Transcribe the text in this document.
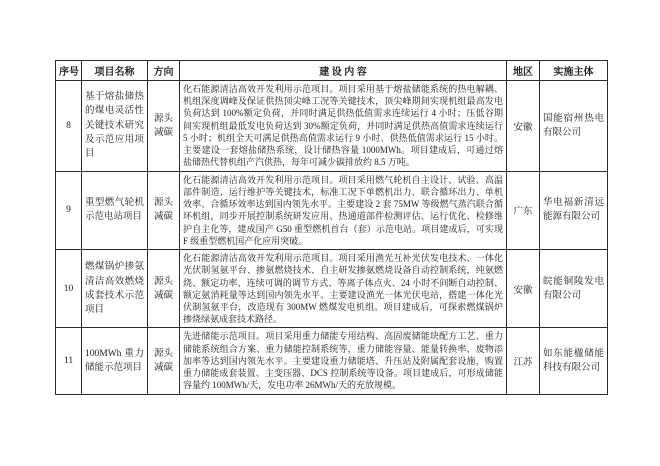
序号	项目名称	方向	建 设 内 容	地区	实施主体
8	基于熔盐储热的煤电灵活性关键技术研究及示范应用项目	源头减碳	化石能源清洁高效开发利用示范项目。项目采用基于熔盐储能系统的热电解耦、机组深度调峰及保证供热顶尖峰工况等关键技术，顶尖峰期间实现机组最高发电负荷达到 100%额定负荷，并同时满足供热低值需求连续运行 4 小时；压低谷期间实现机组最低发电负荷达到 30%额定负荷，并同时满足供热高值需求连续运行 5 小时；机组全天可满足供热高值需求运行 9 小时、供热低值需求运行 15 小时。主要建设一套熔盐储热系统，设计储热容量 1000MWh。项目建成后，可通过熔盐储热代替机组产汽供热，每年可减少碳排放约 8.5 万吨。	安徽	国能宿州热电有限公司
9	重型燃气轮机示范电站项目	源头减碳	化石能源清洁高效开发利用示范项目。项目采用燃气轮机自主设计、试验、高温部件制造、运行维护等关键技术，标准工况下单燃机出力、联合循环出力、单机效率、合循环效率达到国内领先水平。主要建设 2 套 75MW 等级燃气蒸汽联合循环机组，同步开展控制系统研发应用、热通道部件检测评估、运行优化、检修维护自主化等，建成国产 G50 重型燃机首台（套）示范电站。项目建成后，可实现 F 级重型燃机国产化应用突破。	广东	华电福新清远能源有限公司
10	燃煤锅炉掺氨清洁高效燃烧成套技术示范项目	源头减碳	化石能源清洁高效开发利用示范项目。项目采用渔光互补光伏发电技术、一体化光伏制氢氨平台、掺氨燃烧技术、自主研发掺氨燃烧设备自动控制系统，纯氨燃烧、额定功率、连续可调的调节方式、等离子体点火、24 小时不间断自动控制、额定氨消耗量等达到国内领先水平。主要建设渔光一体光伏电站，搭建一体化光伏制氢氨平台，改造现有 300MW 燃煤发电机组。项目建成后，可探索燃煤锅炉掺烧绿氨成套技术路径。	安徽	皖能铜陵发电有限公司
11	100MWh 重力储能示范项目	源头减碳	先进储能示范项目。项目采用重力储能专用结构、高固废储能块配方工艺、重力储能系统组合方案、重力储能控制系统等，重力储能容量、能量转换率、废物添加率等达到国内领先水平。主要建设重力储能塔、升压站及附属配套设施，购置重力储能成套装置、主变压器、DCS 控制系统等设备。项目建成后，可形成储能容量约 100MWh/天，发电功率 26MWh/天的充放规模。	江苏	如东能楹储能科技有限公司
